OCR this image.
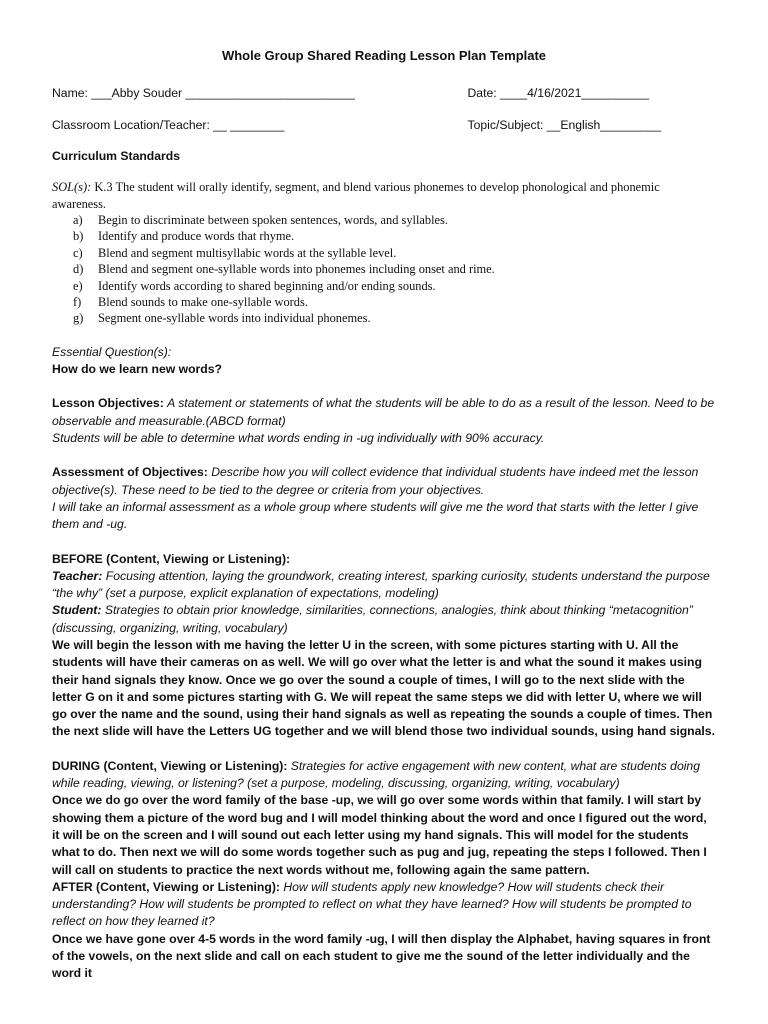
Whole Group Shared Reading Lesson Plan Template
Name: ___Abby Souder _________________________	Date: ____4/16/2021__________
Classroom Location/Teacher: __ ________	Topic/Subject: __English_________

Curriculum Standards

SOL(s): K.3 The student will orally identify, segment, and blend various phonemes to develop phonological and phonemic awareness.

a)	Begin to discriminate between spoken sentences, words, and syllables.
b)	Identify and produce words that rhyme.
c)	Blend and segment multisyllabic words at the syllable level.
d)	Blend and segment one-syllable words into phonemes including onset and rime.
e)	Identify words according to shared beginning and/or ending sounds.
f)	Blend sounds to make one-syllable words.
g)	Segment one-syllable words into individual phonemes.

Essential Question(s):

How do we learn new words?

Lesson Objectives: A statement or statements of what the students will be able to do as a result of the lesson. Need to be observable and measurable.(ABCD format)

Students will be able to determine what words ending in -ug individually with 90% accuracy.

Assessment of Objectives: Describe how you will collect evidence that individual students have indeed met the lesson objective(s). These need to be tied to the degree or criteria from your objectives.

I will take an informal assessment as a whole group where students will give me the word that starts with the letter I give them and -ug.

BEFORE (Content, Viewing or Listening):

Teacher: Focusing attention, laying the groundwork, creating interest, sparking curiosity, students understand the purpose “the why” (set a purpose, explicit explanation of expectations, modeling)

Student: Strategies to obtain prior knowledge, similarities, connections, analogies, think about thinking “metacognition” (discussing, organizing, writing, vocabulary)

We will begin the lesson with me having the letter U in the screen, with some pictures starting with U. All the students will have their cameras on as well. We will go over what the letter is and what the sound it makes using their hand signals they know. Once we go over the sound a couple of times, I will go to the next slide with the letter G on it and some pictures starting with G. We will repeat the same steps we did with letter U, where we will go over the name and the sound, using their hand signals as well as repeating the sounds a couple of times. Then the next slide will have the Letters UG together and we will blend those two individual sounds, using hand signals.

DURING (Content, Viewing or Listening): Strategies for active engagement with new content, what are students doing while reading, viewing, or listening? (set a purpose, modeling, discussing, organizing, writing, vocabulary)

Once we do go over the word family of the base -up, we will go over some words within that family. I will start by showing them a picture of the word bug and I will model thinking about the word and once I figured out the word, it will be on the screen and I will sound out each letter using my hand signals. This will model for the students what to do. Then next we will do some words together such as pug and jug, repeating the steps I followed. Then I will call on students to practice the next words without me, following again the same pattern.

AFTER (Content, Viewing or Listening): How will students apply new knowledge? How will students check their understanding? How will students be prompted to reflect on what they have learned? How will students be prompted to reflect on how they learned it?

Once we have gone over 4-5 words in the word family -ug, I will then display the Alphabet, having squares in front of the vowels, on the next slide and call on each student to give me the sound of the letter individually and the word it
